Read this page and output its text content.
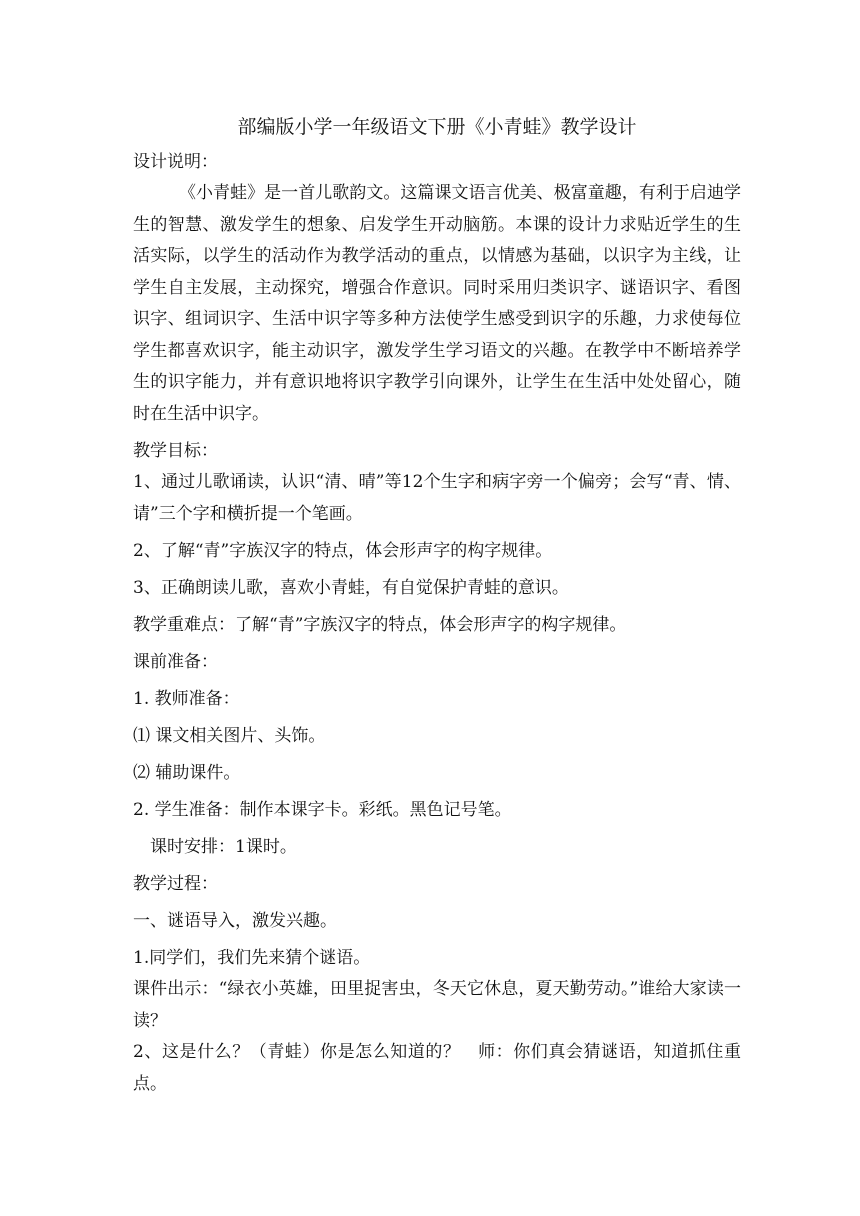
部编版小学一年级语文下册《小青蛙》教学设计

设计说明：

《小青蛙》是一首儿歌韵文。这篇课文语言优美、极富童趣，有利于启迪学生的智慧、激发学生的想象、启发学生开动脑筋。本课的设计力求贴近学生的生活实际，以学生的活动作为教学活动的重点，以情感为基础，以识字为主线，让学生自主发展，主动探究，增强合作意识。同时采用归类识字、谜语识字、看图识字、组词识字、生活中识字等多种方法使学生感受到识字的乐趣，力求使每位学生都喜欢识字，能主动识字，激发学生学习语文的兴趣。在教学中不断培养学生的识字能力，并有意识地将识字教学引向课外，让学生在生活中处处留心，随时在生活中识字。

教学目标：

1、通过儿歌诵读，认识“清、晴”等12个生字和病字旁一个偏旁；会写“青、情、请”三个字和横折提一个笔画。

2、了解“青”字族汉字的特点，体会形声字的构字规律。

3、正确朗读儿歌，喜欢小青蛙，有自觉保护青蛙的意识。

教学重难点：了解“青”字族汉字的特点，体会形声字的构字规律。

课前准备：

1. 教师准备：

⑴ 课文相关图片、头饰。

⑵ 辅助课件。

2. 学生准备：制作本课字卡。彩纸。黑色记号笔。

课时安排：1课时。

教学过程：

一、谜语导入，激发兴趣。

1.同学们，我们先来猜个谜语。

课件出示：“绿衣小英雄，田里捉害虫，冬天它休息，夏天勤劳动。”谁给大家读一读？

2、这是什么？（青蛙）你是怎么知道的？　师：你们真会猜谜语，知道抓住重点。
